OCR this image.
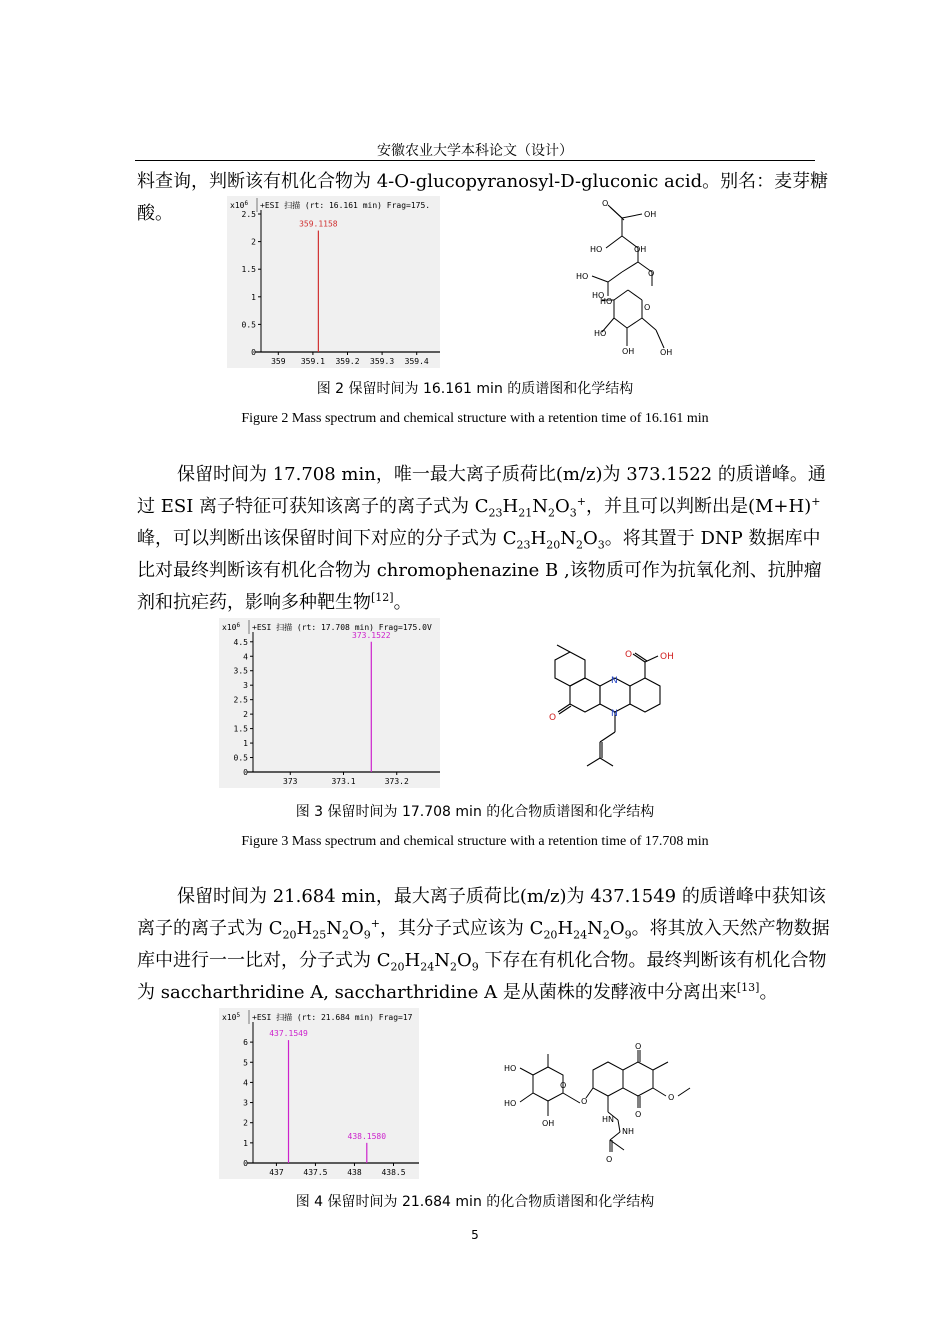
安徽农业大学本科论文（设计）

料查询，判断该有机化合物为 4-O-glucopyranosyl-D-gluconic acid。别名：麦芽糖酸。	$x10^6 +ESI$ 扫描 (rt: 16.161 min) Frag=175.
0
0.5
1
1.5
2
2.5
359 359.1 359.2 359.3 359.4
359.1158
OH
O
HO	OH
O
HO
HO
O
HO
HO
OH	OH
图 2 保留时间为 16.161 min 的质谱图和化学结构
Figure 2 Mass spectrum and chemical structure with a retention time of 16.161 min

保留时间为 17.708 min，唯一最大离子质荷比(m/z)为 373.1522 的质谱峰。通过 ESI 离子特征可获知该离子的离子式为 $C_{23}H_{21}N_2O_3^+$，并且可以判断出是(M+H)+ 峰，可以判断出该保留时间下对应的分子式为 $C_{23}H_{20}N_2O_3$。将其置于 DNP 数据库中比对最终判断该有机化合物为 chromophenazine B ,该物质可作为抗氧化剂、抗肿瘤剂和抗疟药，影响多种靶生物[12]。

$x10^6 +ESI$ 扫描 (rt: 17.708 min) Frag=175.0V
0
0.5
1
1.5
2
2.5
3
3.5
4
4.5
373	373.1	373.2
373.1522
N
N
O
O	OH
图 3 保留时间为 17.708 min 的化合物质谱图和化学结构
Figure 3 Mass spectrum and chemical structure with a retention time of 17.708 min

保留时间为 21.684 min，最大离子质荷比(m/z)为 437.1549 的质谱峰中获知该离子的离子式为 $C_{20}H_{25}N_2O_9^+$，其分子式应该为 $C_{20}H_{24}N_2O_9$。将其放入天然产物数据库中进行一一比对，分子式为 $C_{20}H_{24}N_2O_9$ 下存在有机化合物。最终判断该有机化合物为 saccharthridine A, saccharthridine A 是从菌株的发酵液中分离出来[13]。

$x10^5 +ESI$ 扫描 (rt: 21.684 min) Frag=17
0
1
2
3
4
5
6
437 437.5 438 438.5
437.1549
438.1580
HO
HO
OH
O
O
O
O
O
HN
NH
O
图 4 保留时间为 21.684 min 的化合物质谱图和化学结构
5
